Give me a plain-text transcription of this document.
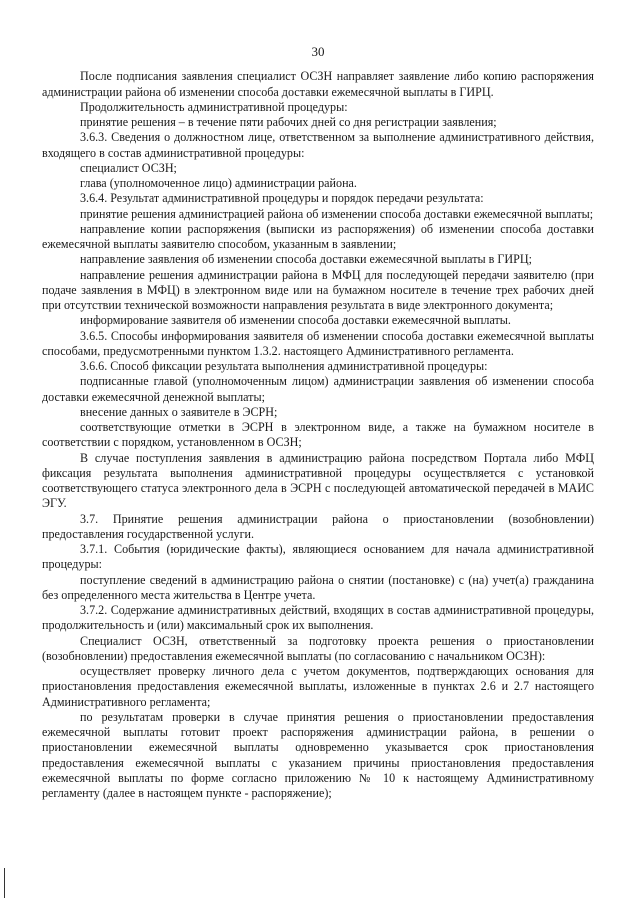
30

После подписания заявления специалист ОСЗН направляет заявление либо копию распоряжения администрации района об изменении способа доставки ежемесячной выплаты в ГИРЦ.

Продолжительность административной процедуры:

принятие решения – в течение пяти рабочих дней со дня регистрации заявления;

3.6.3. Сведения о должностном лице, ответственном за выполнение административного действия, входящего в состав административной процедуры:

специалист ОСЗН;

глава (уполномоченное лицо) администрации района.

3.6.4. Результат административной процедуры и порядок передачи результата:

принятие решения администрацией района об изменении способа доставки ежемесячной выплаты;

направление копии распоряжения (выписки из распоряжения) об изменении способа доставки ежемесячной выплаты заявителю способом, указанным в заявлении;

направление заявления об изменении способа доставки ежемесячной выплаты в ГИРЦ;

направление решения администрации района в МФЦ для последующей передачи заявителю (при подаче заявления в МФЦ) в электронном виде или на бумажном носителе в течение трех рабочих дней при отсутствии технической возможности направления результата в виде электронного документа;

информирование заявителя об изменении способа доставки ежемесячной выплаты.

3.6.5. Способы информирования заявителя об изменении способа доставки ежемесячной выплаты способами, предусмотренными пунктом 1.3.2. настоящего Административного регламента.

3.6.6. Способ фиксации результата выполнения административной процедуры:

подписанные главой (уполномоченным лицом) администрации заявления об изменении способа доставки ежемесячной денежной выплаты;

внесение данных о заявителе в ЭСРН;

соответствующие отметки в ЭСРН в электронном виде, а также на бумажном носителе в соответствии с порядком, установленном в ОСЗН;

В случае поступления заявления в администрацию района посредством Портала либо МФЦ фиксация результата выполнения административной процедуры осуществляется с установкой соответствующего статуса электронного дела в ЭСРН с последующей автоматической передачей в МАИС ЭГУ.

3.7. Принятие решения администрации района о приостановлении (возобновлении) предоставления государственной услуги.

3.7.1. События (юридические факты), являющиеся основанием для начала административной процедуры:

поступление сведений в администрацию района о снятии (постановке) с (на) учет(а) гражданина без определенного места жительства в Центре учета.

3.7.2. Содержание административных действий, входящих в состав административной процедуры, продолжительность и (или) максимальный срок их выполнения.

Специалист ОСЗН, ответственный за подготовку проекта решения о приостановлении (возобновлении) предоставления ежемесячной выплаты (по согласованию с начальником ОСЗН):

осуществляет проверку личного дела с учетом документов, подтверждающих основания для приостановления предоставления ежемесячной выплаты, изложенные в пунктах 2.6 и 2.7 настоящего Административного регламента;

по результатам проверки в случае принятия решения о приостановлении предоставления ежемесячной выплаты готовит проект распоряжения администрации района, в решении о приостановлении ежемесячной выплаты одновременно указывается срок приостановления предоставления ежемесячной выплаты с указанием причины приостановления предоставления ежемесячной выплаты по форме согласно приложению № 10 к настоящему Административному регламенту (далее в настоящем пункте - распоряжение);
